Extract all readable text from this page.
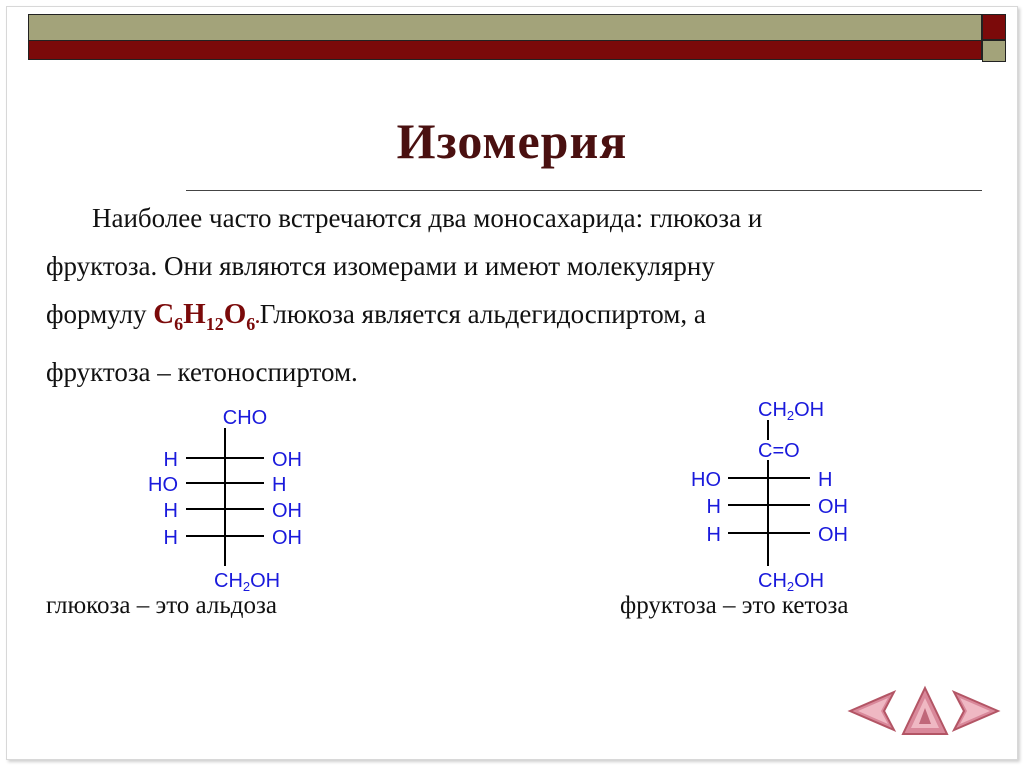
Изомерия
Наиболее часто встречаются два моносахарида: глюкоза и
фруктоза. Они являются изомерами и имеют молекулярну
формулу $С_6Н_{12}О_6.Глюкоза$ является альдегидоспиртом, а
фруктоза – кетоноспиртом.
CHO
H	OH
HO	H
H	OH
H	OH
$CH_2OH$
$CH_2OH$
C=O
HO	H
H	OH
H	OH
$CH_2OH$
глюкоза – это альдоза	фруктоза – это кетоза
